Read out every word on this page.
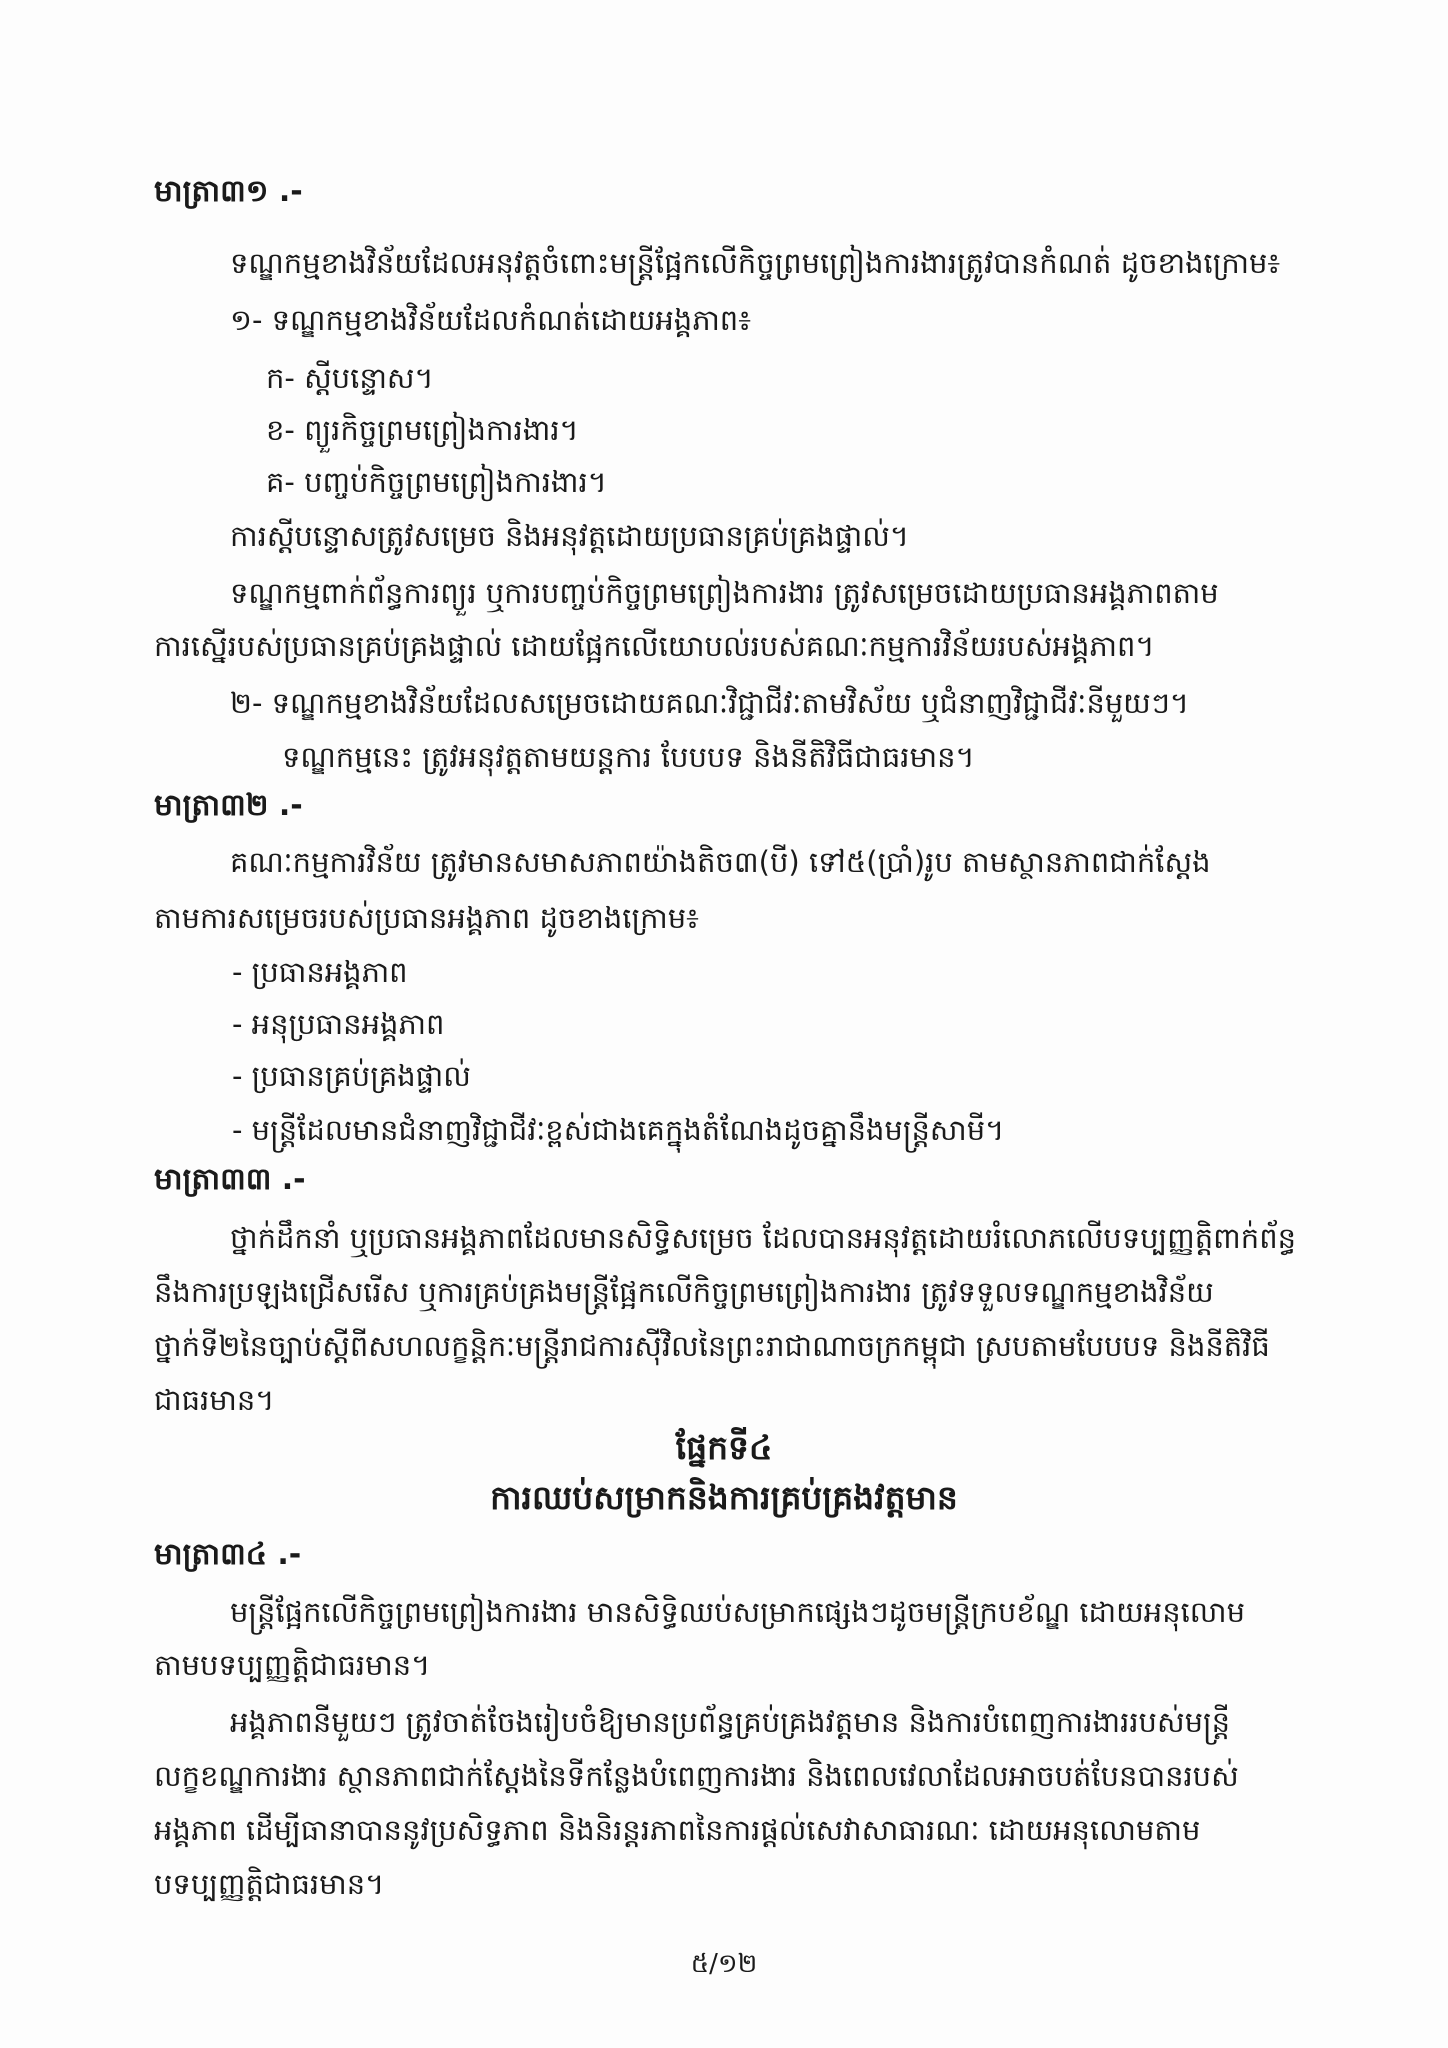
មាត្រា៣១ .-
ទណ្ឌកម្មខាងវិន័យដែលអនុវត្តចំពោះមន្ត្រីផ្អែកលើកិច្ចព្រមព្រៀងការងារត្រូវបានកំណត់ ដូចខាងក្រោម៖
១- ទណ្ឌកម្មខាងវិន័យដែលកំណត់ដោយអង្គភាព៖
ក- ស្តីបន្ទោស។
ខ- ព្យួរកិច្ចព្រមព្រៀងការងារ។
គ- បញ្ចប់កិច្ចព្រមព្រៀងការងារ។
ការស្តីបន្ទោសត្រូវសម្រេច និងអនុវត្តដោយប្រធានគ្រប់គ្រងផ្ទាល់។
ទណ្ឌកម្មពាក់ព័ន្ធការព្យួរ ឬការបញ្ចប់កិច្ចព្រមព្រៀងការងារ ត្រូវសម្រេចដោយប្រធានអង្គភាពតាម
ការស្នើរបស់ប្រធានគ្រប់គ្រងផ្ទាល់ ដោយផ្អែកលើយោបល់របស់គណៈកម្មការវិន័យរបស់អង្គភាព។
២- ទណ្ឌកម្មខាងវិន័យដែលសម្រេចដោយគណៈវិជ្ជាជីវៈតាមវិស័យ ឬជំនាញវិជ្ជាជីវៈនីមួយៗ។
ទណ្ឌកម្មនេះ ត្រូវអនុវត្តតាមយន្តការ បែបបទ និងនីតិវិធីជាធរមាន។
មាត្រា៣២ .-
គណៈកម្មការវិន័យ ត្រូវមានសមាសភាពយ៉ាងតិច៣(បី) ទៅ៥(ប្រាំ)រូប តាមស្ថានភាពជាក់ស្តែង
តាមការសម្រេចរបស់ប្រធានអង្គភាព ដូចខាងក្រោម៖
- ប្រធានអង្គភាព
- អនុប្រធានអង្គភាព
- ប្រធានគ្រប់គ្រងផ្ទាល់
- មន្ត្រីដែលមានជំនាញវិជ្ជាជីវៈខ្ពស់ជាងគេក្នុងតំណែងដូចគ្នានឹងមន្ត្រីសាមី។
មាត្រា៣៣ .-
ថ្នាក់ដឹកនាំ ឬប្រធានអង្គភាពដែលមានសិទ្ធិសម្រេច ដែលបានអនុវត្តដោយរំលោភលើបទប្បញ្ញត្តិពាក់ព័ន្ធ
នឹងការប្រឡងជ្រើសរើស ឬការគ្រប់គ្រងមន្ត្រីផ្អែកលើកិច្ចព្រមព្រៀងការងារ ត្រូវទទួលទណ្ឌកម្មខាងវិន័យ
ថ្នាក់ទី២នៃច្បាប់ស្តីពីសហលក្ខន្តិកៈមន្ត្រីរាជការស៊ីវិលនៃព្រះរាជាណាចក្រកម្ពុជា ស្របតាមបែបបទ និងនីតិវិធី
ជាធរមាន។
ផ្នែកទី៤
ការឈប់សម្រាកនិងការគ្រប់គ្រងវត្តមាន
មាត្រា៣៤ .-
មន្ត្រីផ្អែកលើកិច្ចព្រមព្រៀងការងារ មានសិទ្ធិឈប់សម្រាកផ្សេងៗដូចមន្ត្រីក្របខ័ណ្ឌ ដោយអនុលោម
តាមបទប្បញ្ញត្តិជាធរមាន។
អង្គភាពនីមួយៗ ត្រូវចាត់ចែងរៀបចំឱ្យមានប្រព័ន្ធគ្រប់គ្រងវត្តមាន និងការបំពេញការងាររបស់មន្ត្រី
លក្ខខណ្ឌការងារ ស្ថានភាពជាក់ស្តែងនៃទីកន្លែងបំពេញការងារ និងពេលវេលាដែលអាចបត់បែនបានរបស់
អង្គភាព ដើម្បីធានាបាននូវប្រសិទ្ធភាព និងនិរន្តរភាពនៃការផ្តល់សេវាសាធារណៈ ដោយអនុលោមតាម
បទប្បញ្ញត្តិជាធរមាន។
៥/១២
